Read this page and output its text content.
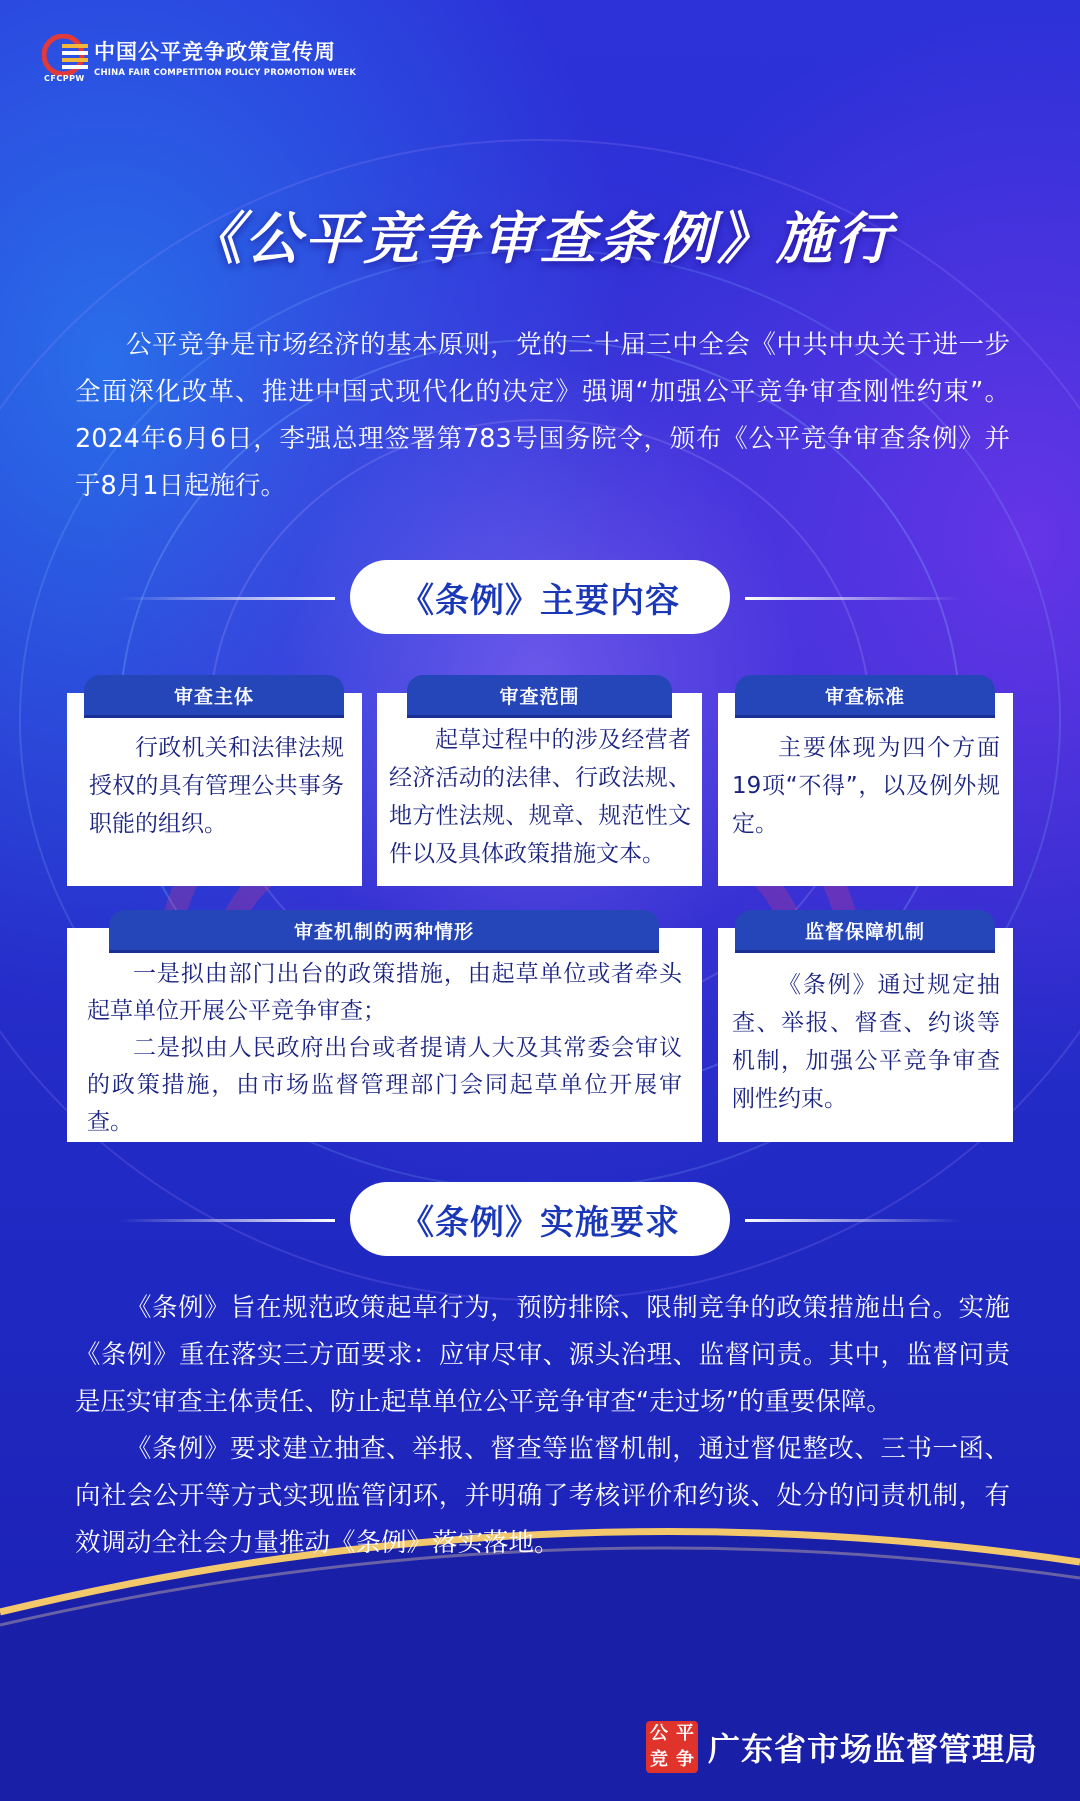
中国公平竞争政策宣传周
CHINA FAIR COMPETITION POLICY PROMOTION WEEK
CFCPPW
《公平竞争审查条例》施行
公平竞争是市场经济的基本原则，党的二十届三中全会《中共中央关于进一步全面深化改革、推进中国式现代化的决定》强调“加强公平竞争审查刚性约束”。2024年6月6日，李强总理签署第783号国务院令，颁布《公平竞争审查条例》并于8月1日起施行。
《条例》主要内容
审查主体
行政机关和法律法规授权的具有管理公共事务职能的组织。
审查范围
起草过程中的涉及经营者经济活动的法律、行政法规、地方性法规、规章、规范性文件以及具体政策措施文本。
审查标准
主要体现为四个方面19项“不得”，以及例外规定。
审查机制的两种情形
一是拟由部门出台的政策措施，由起草单位或者牵头起草单位开展公平竞争审查；
二是拟由人民政府出台或者提请人大及其常委会审议的政策措施，由市场监督管理部门会同起草单位开展审查。
监督保障机制
《条例》通过规定抽查、举报、督查、约谈等机制，加强公平竞争审查刚性约束。
《条例》实施要求

《条例》旨在规范政策起草行为，预防排除、限制竞争的政策措施出台。实施《条例》重在落实三方面要求：应审尽审、源头治理、监督问责。其中，监督问责是压实审查主体责任、防止起草单位公平竞争审查“走过场”的重要保障。

《条例》要求建立抽查、举报、督查等监督机制，通过督促整改、三书一函、向社会公开等方式实现监管闭环，并明确了考核评价和约谈、处分的问责机制，有效调动全社会力量推动《条例》落实落地。

公 平
竞 争 广东省市场监督管理局
